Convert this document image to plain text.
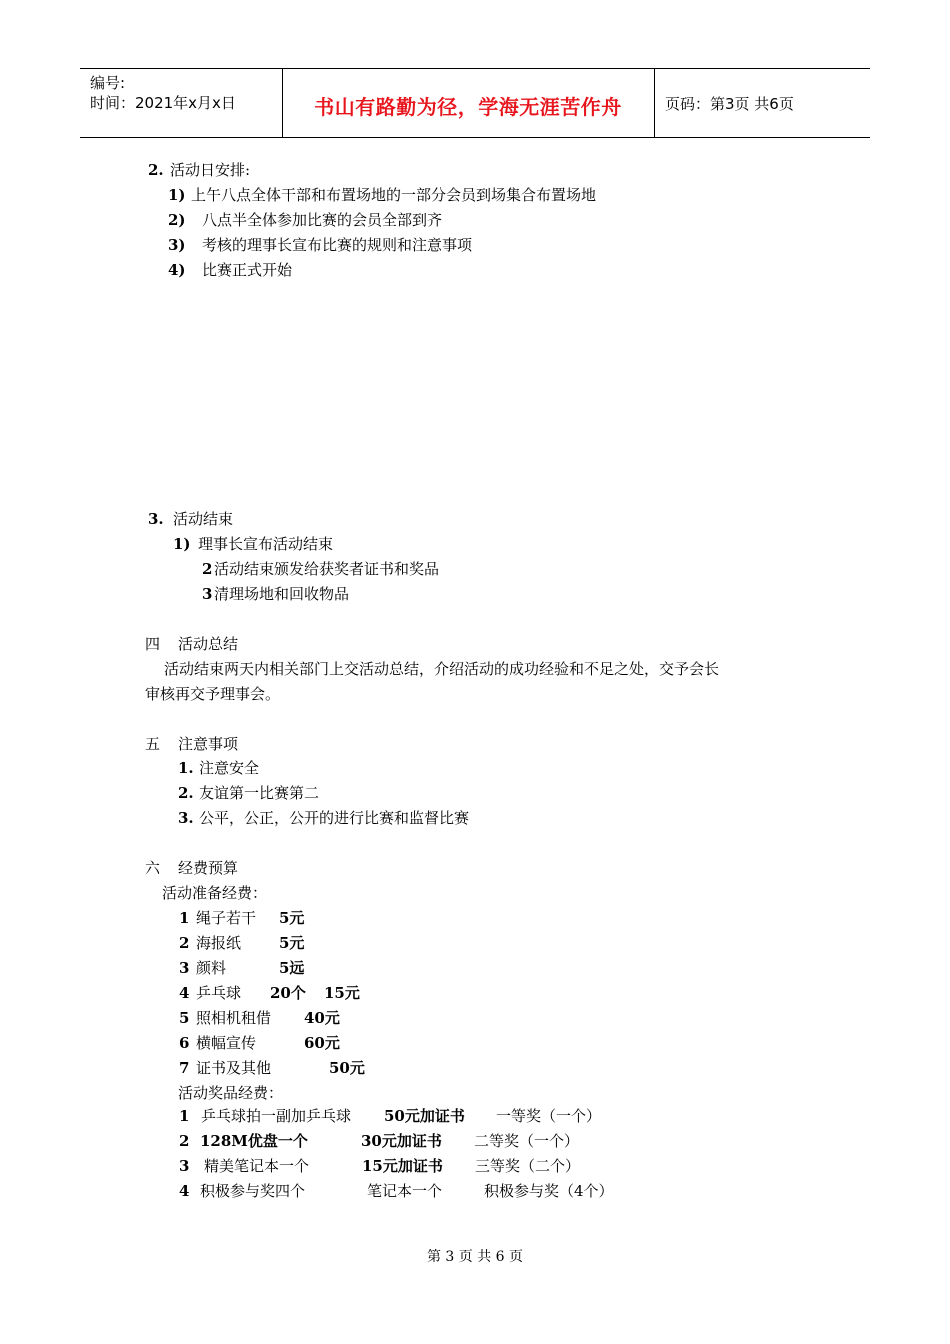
编号:
时间：2021年x月x日	书山有路勤为径，学海无涯苦作舟	页码：第3页 共6页
2. 活动日安排:
1) 上午八点全体干部和布置场地的一部分会员到场集合布置场地
2) 八点半全体参加比赛的会员全部到齐
3) 考核的理事长宣布比赛的规则和注意事项
4) 比赛正式开始
3. 活动结束
1) 理事长宣布活动结束
2 活动结束颁发给获奖者证书和奖品
3 清理场地和回收物品
四 活动总结
活动结束两天内相关部门上交活动总结，介绍活动的成功经验和不足之处，交予会长
审核再交予理事会。
五 注意事项
1. 注意安全
2. 友谊第一比赛第二
3. 公平，公正，公开的进行比赛和监督比赛
六 经费预算
活动准备经费：
1 绳子若干 5元
2 海报纸	5元
3 颜料	5远
4 乒乓球 20个 15元
5 照相机租借 40元
6 横幅宣传	60元
7 证书及其他	50元
活动奖品经费：
1 乒乓球拍一副加乒乓球 50元加证书 一等奖（一个）
2 128M优盘一个	30元加证书 二等奖（一个）
3 精美笔记本一个	15元加证书 三等奖（二个）
4 积极参与奖四个	笔记本一个	积极参与奖（4个）
第 3 页 共 6 页
